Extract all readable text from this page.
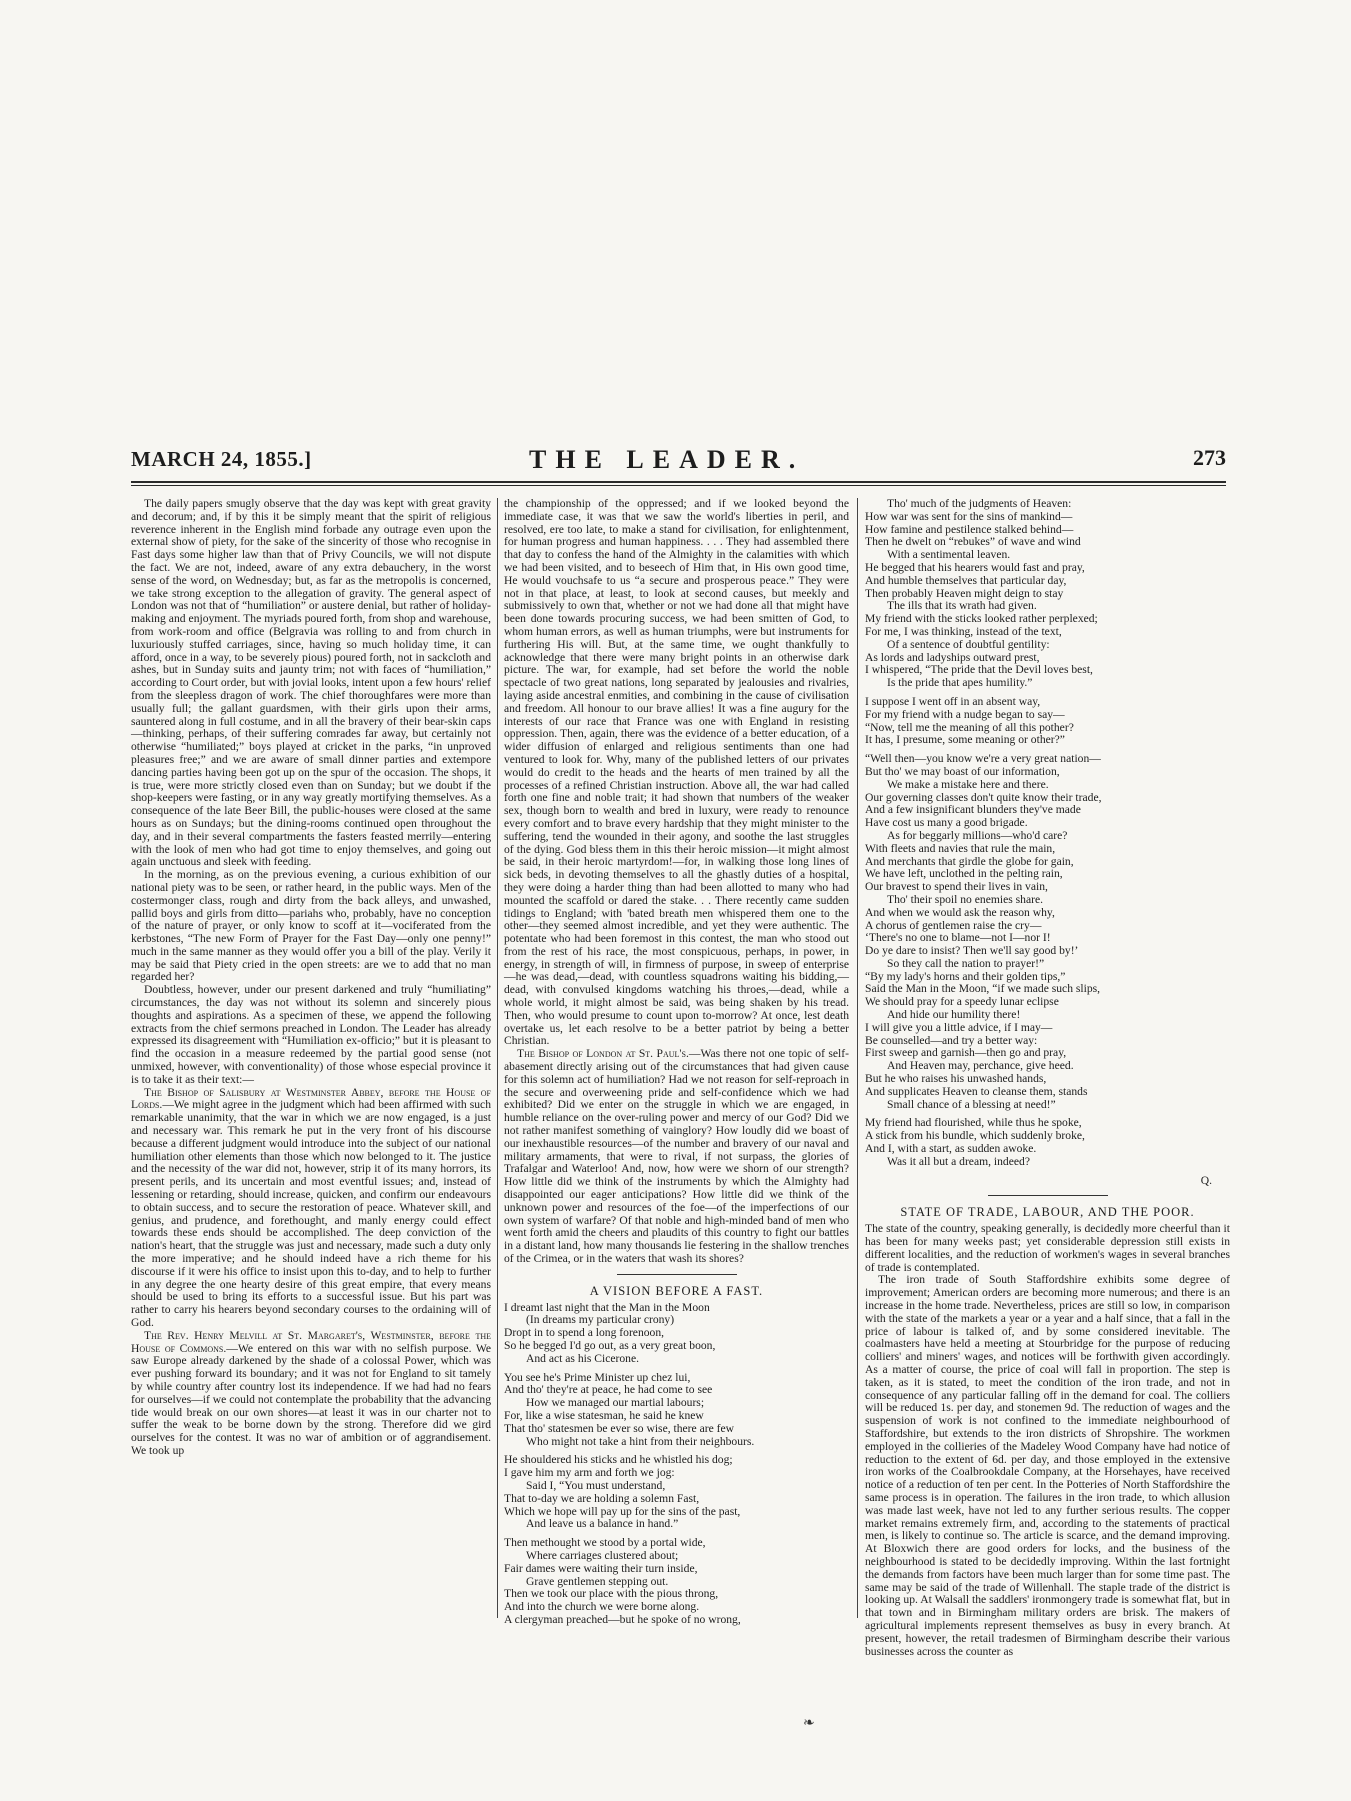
MARCH 24, 1855.]	THE LEADER.	273

The daily papers smugly observe that the day was kept with great gravity and decorum; and, if by this it be simply meant that the spirit of religious reverence inherent in the English mind forbade any outrage even upon the external show of piety, for the sake of the sincerity of those who recognise in Fast days some higher law than that of Privy Councils, we will not dispute the fact. We are not, indeed, aware of any extra debauchery, in the worst sense of the word, on Wednesday; but, as far as the metropolis is concerned, we take strong exception to the allegation of gravity. The general aspect of London was not that of “humiliation” or austere denial, but rather of holiday-making and enjoyment. The myriads poured forth, from shop and warehouse, from work-room and office (Belgravia was rolling to and from church in luxuriously stuffed carriages, since, having so much holiday time, it can afford, once in a way, to be severely pious) poured forth, not in sackcloth and ashes, but in Sunday suits and jaunty trim; not with faces of “humiliation,” according to Court order, but with jovial looks, intent upon a few hours' relief from the sleepless dragon of work. The chief thoroughfares were more than usually full; the gallant guardsmen, with their girls upon their arms, sauntered along in full costume, and in all the bravery of their bear-skin caps—thinking, perhaps, of their suffering comrades far away, but certainly not otherwise “humiliated;” boys played at cricket in the parks, “in unproved pleasures free;” and we are aware of small dinner parties and extempore dancing parties having been got up on the spur of the occasion. The shops, it is true, were more strictly closed even than on Sunday; but we doubt if the shop-keepers were fasting, or in any way greatly mortifying themselves. As a consequence of the late Beer Bill, the public-houses were closed at the same hours as on Sundays; but the dining-rooms continued open throughout the day, and in their several compartments the fasters feasted merrily—entering with the look of men who had got time to enjoy themselves, and going out again unctuous and sleek with feeding.

In the morning, as on the previous evening, a curious exhibition of our national piety was to be seen, or rather heard, in the public ways. Men of the costermonger class, rough and dirty from the back alleys, and unwashed, pallid boys and girls from ditto—pariahs who, probably, have no conception of the nature of prayer, or only know to scoff at it—vociferated from the kerbstones, “The new Form of Prayer for the Fast Day—only one penny!” much in the same manner as they would offer you a bill of the play. Verily it may be said that Piety cried in the open streets: are we to add that no man regarded her?

Doubtless, however, under our present darkened and truly “humiliating” circumstances, the day was not without its solemn and sincerely pious thoughts and aspirations. As a specimen of these, we append the following extracts from the chief sermons preached in London. The Leader has already expressed its disagreement with “Humiliation ex-officio;” but it is pleasant to find the occasion in a measure redeemed by the partial good sense (not unmixed, however, with conventionality) of those whose especial province it is to take it as their text:—

The Bishop of Salisbury at Westminster Abbey, before the House of Lords.—We might agree in the judgment which had been affirmed with such remarkable unanimity, that the war in which we are now engaged, is a just and necessary war. This remark he put in the very front of his discourse because a different judgment would introduce into the subject of our national humiliation other elements than those which now belonged to it. The justice and the necessity of the war did not, however, strip it of its many horrors, its present perils, and its uncertain and most eventful issues; and, instead of lessening or retarding, should increase, quicken, and confirm our endeavours to obtain success, and to secure the restoration of peace. Whatever skill, and genius, and prudence, and forethought, and manly energy could effect towards these ends should be accomplished. The deep conviction of the nation's heart, that the struggle was just and necessary, made such a duty only the more imperative; and he should indeed have a rich theme for his discourse if it were his office to insist upon this to-day, and to help to further in any degree the one hearty desire of this great empire, that every means should be used to bring its efforts to a successful issue. But his part was rather to carry his hearers beyond secondary courses to the ordaining will of God.

The Rev. Henry Melvill at St. Margaret's, Westminster, before the House of Commons.—We entered on this war with no selfish purpose. We saw Europe already darkened by the shade of a colossal Power, which was ever pushing forward its boundary; and it was not for England to sit tamely by while country after country lost its independence. If we had had no fears for ourselves—if we could not contemplate the probability that the advancing tide would break on our own shores—at least it was in our charter not to suffer the weak to be borne down by the strong. Therefore did we gird ourselves for the contest. It was no war of ambition or of aggrandisement. We took up

the championship of the oppressed; and if we looked beyond the immediate case, it was that we saw the world's liberties in peril, and resolved, ere too late, to make a stand for civilisation, for enlightenment, for human progress and human happiness. . . . They had assembled there that day to confess the hand of the Almighty in the calamities with which we had been visited, and to beseech of Him that, in His own good time, He would vouchsafe to us “a secure and prosperous peace.” They were not in that place, at least, to look at second causes, but meekly and submissively to own that, whether or not we had done all that might have been done towards procuring success, we had been smitten of God, to whom human errors, as well as human triumphs, were but instruments for furthering His will. But, at the same time, we ought thankfully to acknowledge that there were many bright points in an otherwise dark picture. The war, for example, had set before the world the noble spectacle of two great nations, long separated by jealousies and rivalries, laying aside ancestral enmities, and combining in the cause of civilisation and freedom. All honour to our brave allies! It was a fine augury for the interests of our race that France was one with England in resisting oppression. Then, again, there was the evidence of a better education, of a wider diffusion of enlarged and religious sentiments than one had ventured to look for. Why, many of the published letters of our privates would do credit to the heads and the hearts of men trained by all the processes of a refined Christian instruction. Above all, the war had called forth one fine and noble trait; it had shown that numbers of the weaker sex, though born to wealth and bred in luxury, were ready to renounce every comfort and to brave every hardship that they might minister to the suffering, tend the wounded in their agony, and soothe the last struggles of the dying. God bless them in this their heroic mission—it might almost be said, in their heroic martyrdom!—for, in walking those long lines of sick beds, in devoting themselves to all the ghastly duties of a hospital, they were doing a harder thing than had been allotted to many who had mounted the scaffold or dared the stake. . . There recently came sudden tidings to England; with 'bated breath men whispered them one to the other—they seemed almost incredible, and yet they were authentic. The potentate who had been foremost in this contest, the man who stood out from the rest of his race, the most conspicuous, perhaps, in power, in energy, in strength of will, in firmness of purpose, in sweep of enterprise—he was dead,—dead, with countless squadrons waiting his bidding,—dead, with convulsed kingdoms watching his throes,—dead, while a whole world, it might almost be said, was being shaken by his tread. Then, who would presume to count upon to-morrow? At once, lest death overtake us, let each resolve to be a better patriot by being a better Christian.

The Bishop of London at St. Paul's.—Was there not one topic of self-abasement directly arising out of the circumstances that had given cause for this solemn act of humiliation? Had we not reason for self-reproach in the secure and overweening pride and self-confidence which we had exhibited? Did we enter on the struggle in which we are engaged, in humble reliance on the over-ruling power and mercy of our God? Did we not rather manifest something of vainglory? How loudly did we boast of our inexhaustible resources—of the number and bravery of our naval and military armaments, that were to rival, if not surpass, the glories of Trafalgar and Waterloo! And, now, how were we shorn of our strength? How little did we think of the instruments by which the Almighty had disappointed our eager anticipations? How little did we think of the unknown power and resources of the foe—of the imperfections of our own system of warfare? Of that noble and high-minded band of men who went forth amid the cheers and plaudits of this country to fight our battles in a distant land, how many thousands lie festering in the shallow trenches of the Crimea, or in the waters that wash its shores?

A VISION BEFORE A FAST.
I dreamt last night that the Man in the Moon
(In dreams my particular crony)
Dropt in to spend a long forenoon,
So he begged I'd go out, as a very great boon,
And act as his Cicerone.
You see he's Prime Minister up chez lui,
And tho' they're at peace, he had come to see
How we managed our martial labours;
For, like a wise statesman, he said he knew
That tho' statesmen be ever so wise, there are few
Who might not take a hint from their neighbours.
He shouldered his sticks and he whistled his dog;
I gave him my arm and forth we jog:
Said I, “You must understand,
That to-day we are holding a solemn Fast,
Which we hope will pay up for the sins of the past,
And leave us a balance in hand.”
Then methought we stood by a portal wide,
Where carriages clustered about;
Fair dames were waiting their turn inside,
Grave gentlemen stepping out.
Then we took our place with the pious throng,
And into the church we were borne along.
A clergyman preached—but he spoke of no wrong,
Tho' much of the judgments of Heaven:
How war was sent for the sins of mankind—
How famine and pestilence stalked behind—
Then he dwelt on “rebukes” of wave and wind
With a sentimental leaven.
He begged that his hearers would fast and pray,
And humble themselves that particular day,
Then probably Heaven might deign to stay
The ills that its wrath had given.
My friend with the sticks looked rather perplexed;
For me, I was thinking, instead of the text,
Of a sentence of doubtful gentility:
As lords and ladyships outward prest,
I whispered, “The pride that the Devil loves best,
Is the pride that apes humility.”
I suppose I went off in an absent way,
For my friend with a nudge began to say—
“Now, tell me the meaning of all this pother?
It has, I presume, some meaning or other?”
“Well then—you know we're a very great nation—
But tho' we may boast of our information,
We make a mistake here and there.
Our governing classes don't quite know their trade,
And a few insignificant blunders they've made
Have cost us many a good brigade.
As for beggarly millions—who'd care?
With fleets and navies that rule the main,
And merchants that girdle the globe for gain,
We have left, unclothed in the pelting rain,
Our bravest to spend their lives in vain,
Tho' their spoil no enemies share.
And when we would ask the reason why,
A chorus of gentlemen raise the cry—
‘There's no one to blame—not I—nor I!
Do ye dare to insist? Then we'll say good by!’
So they call the nation to prayer!”
“By my lady's horns and their golden tips,”
Said the Man in the Moon, “if we made such slips,
We should pray for a speedy lunar eclipse
And hide our humility there!
I will give you a little advice, if I may—
Be counselled—and try a better way:
First sweep and garnish—then go and pray,
And Heaven may, perchance, give heed.
But he who raises his unwashed hands,
And supplicates Heaven to cleanse them, stands
Small chance of a blessing at need!”
My friend had flourished, while thus he spoke,
A stick from his bundle, which suddenly broke,
And I, with a start, as sudden awoke.
Was it all but a dream, indeed?
Q.
STATE OF TRADE, LABOUR, AND THE POOR.

The state of the country, speaking generally, is decidedly more cheerful than it has been for many weeks past; yet considerable depression still exists in different localities, and the reduction of workmen's wages in several branches of trade is contemplated.

The iron trade of South Staffordshire exhibits some degree of improvement; American orders are becoming more numerous; and there is an increase in the home trade. Nevertheless, prices are still so low, in comparison with the state of the markets a year or a year and a half since, that a fall in the price of labour is talked of, and by some considered inevitable. The coalmasters have held a meeting at Stourbridge for the purpose of reducing colliers' and miners' wages, and notices will be forthwith given accordingly. As a matter of course, the price of coal will fall in proportion. The step is taken, as it is stated, to meet the condition of the iron trade, and not in consequence of any particular falling off in the demand for coal. The colliers will be reduced 1s. per day, and stonemen 9d. The reduction of wages and the suspension of work is not confined to the immediate neighbourhood of Staffordshire, but extends to the iron districts of Shropshire. The workmen employed in the collieries of the Madeley Wood Company have had notice of reduction to the extent of 6d. per day, and those employed in the extensive iron works of the Coalbrookdale Company, at the Horsehayes, have received notice of a reduction of ten per cent. In the Potteries of North Staffordshire the same process is in operation. The failures in the iron trade, to which allusion was made last week, have not led to any further serious results. The copper market remains extremely firm, and, according to the statements of practical men, is likely to continue so. The article is scarce, and the demand improving. At Bloxwich there are good orders for locks, and the business of the neighbourhood is stated to be decidedly improving. Within the last fortnight the demands from factors have been much larger than for some time past. The same may be said of the trade of Willenhall. The staple trade of the district is looking up. At Walsall the saddlers' ironmongery trade is somewhat flat, but in that town and in Birmingham military orders are brisk. The makers of agricultural implements represent themselves as busy in every branch. At present, however, the retail tradesmen of Birmingham describe their various businesses across the counter as

❧
